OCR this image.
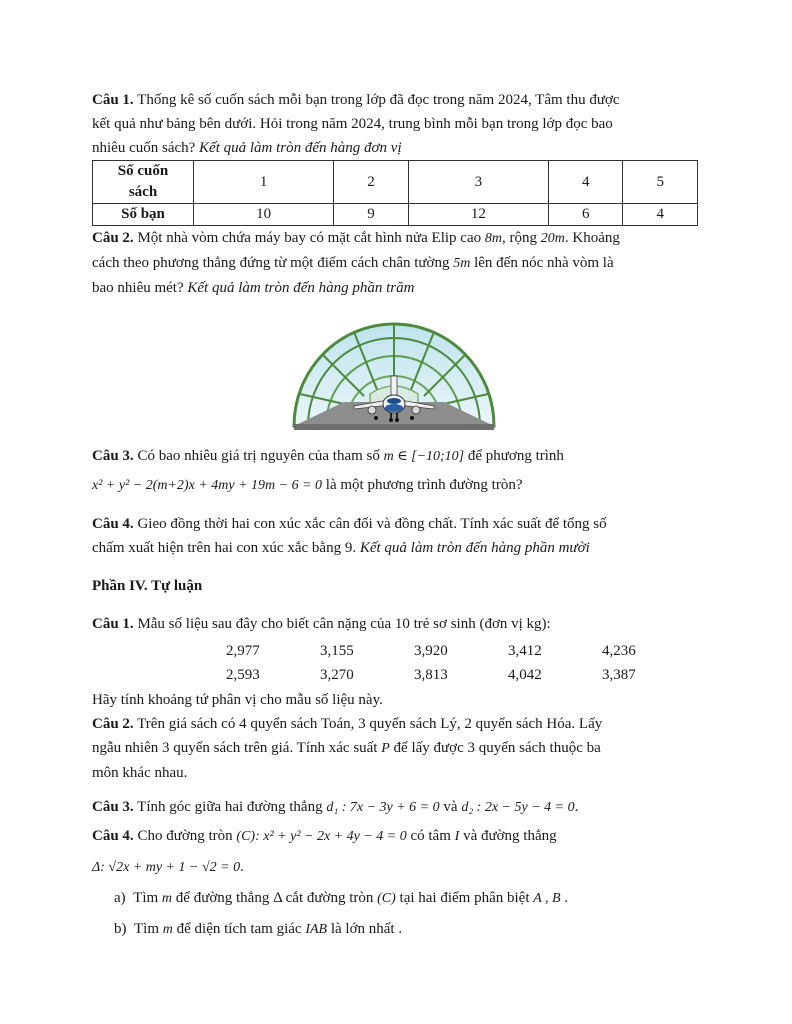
Câu 1. Thống kê số cuốn sách mỗi bạn trong lớp đã đọc trong năm 2024, Tâm thu được
kết quả như bảng bên dưới. Hỏi trong năm 2024, trung bình mỗi bạn trong lớp đọc bao
nhiêu cuốn sách? Kết quả làm tròn đến hàng đơn vị

Số cuốn
sách	1	2	3	4	5
Số bạn	10	9	12	6	4

Câu 2. Một nhà vòm chứa máy bay có mặt cắt hình nửa Elip cao 8m, rộng 20m. Khoảng
cách theo phương thẳng đứng từ một điểm cách chân tường 5m lên đến nóc nhà vòm là
bao nhiêu mét? Kết quả làm tròn đến hàng phần trăm

Câu 3. Có bao nhiêu giá trị nguyên của tham số m ∈ [−10;10] để phương trình

x² + y² − 2(m+2)x + 4my + 19m − 6 = 0 là một phương trình đường tròn?

Câu 4. Gieo đồng thời hai con xúc xắc cân đối và đồng chất. Tính xác suất để tổng số
chấm xuất hiện trên hai con xúc xắc bằng 9. Kết quả làm tròn đến hàng phần mười

Phần IV. Tự luận

Câu 1. Mẫu số liệu sau đây cho biết cân nặng của 10 trẻ sơ sinh (đơn vị kg):

2,977	3,155	3,920	3,412	4,236
2,593	3,270	3,813	4,042	3,387

Hãy tính khoảng tứ phân vị cho mẫu số liệu này.

Câu 2. Trên giá sách có 4 quyển sách Toán, 3 quyển sách Lý, 2 quyển sách Hóa. Lấy
ngẫu nhiên 3 quyển sách trên giá. Tính xác suất P để lấy được 3 quyển sách thuộc ba
môn khác nhau.

Câu 3. Tính góc giữa hai đường thẳng d₁ : 7x − 3y + 6 = 0 và d₂ : 2x − 5y − 4 = 0.

Câu 4. Cho đường tròn (C): x² + y² − 2x + 4y − 4 = 0 có tâm I và đường thẳng

Δ: √2x + my + 1 − √2 = 0.

a) Tìm m để đường thẳng Δ cắt đường tròn (C) tại hai điểm phân biệt A , B .

b) Tìm m để diện tích tam giác IAB là lớn nhất .
